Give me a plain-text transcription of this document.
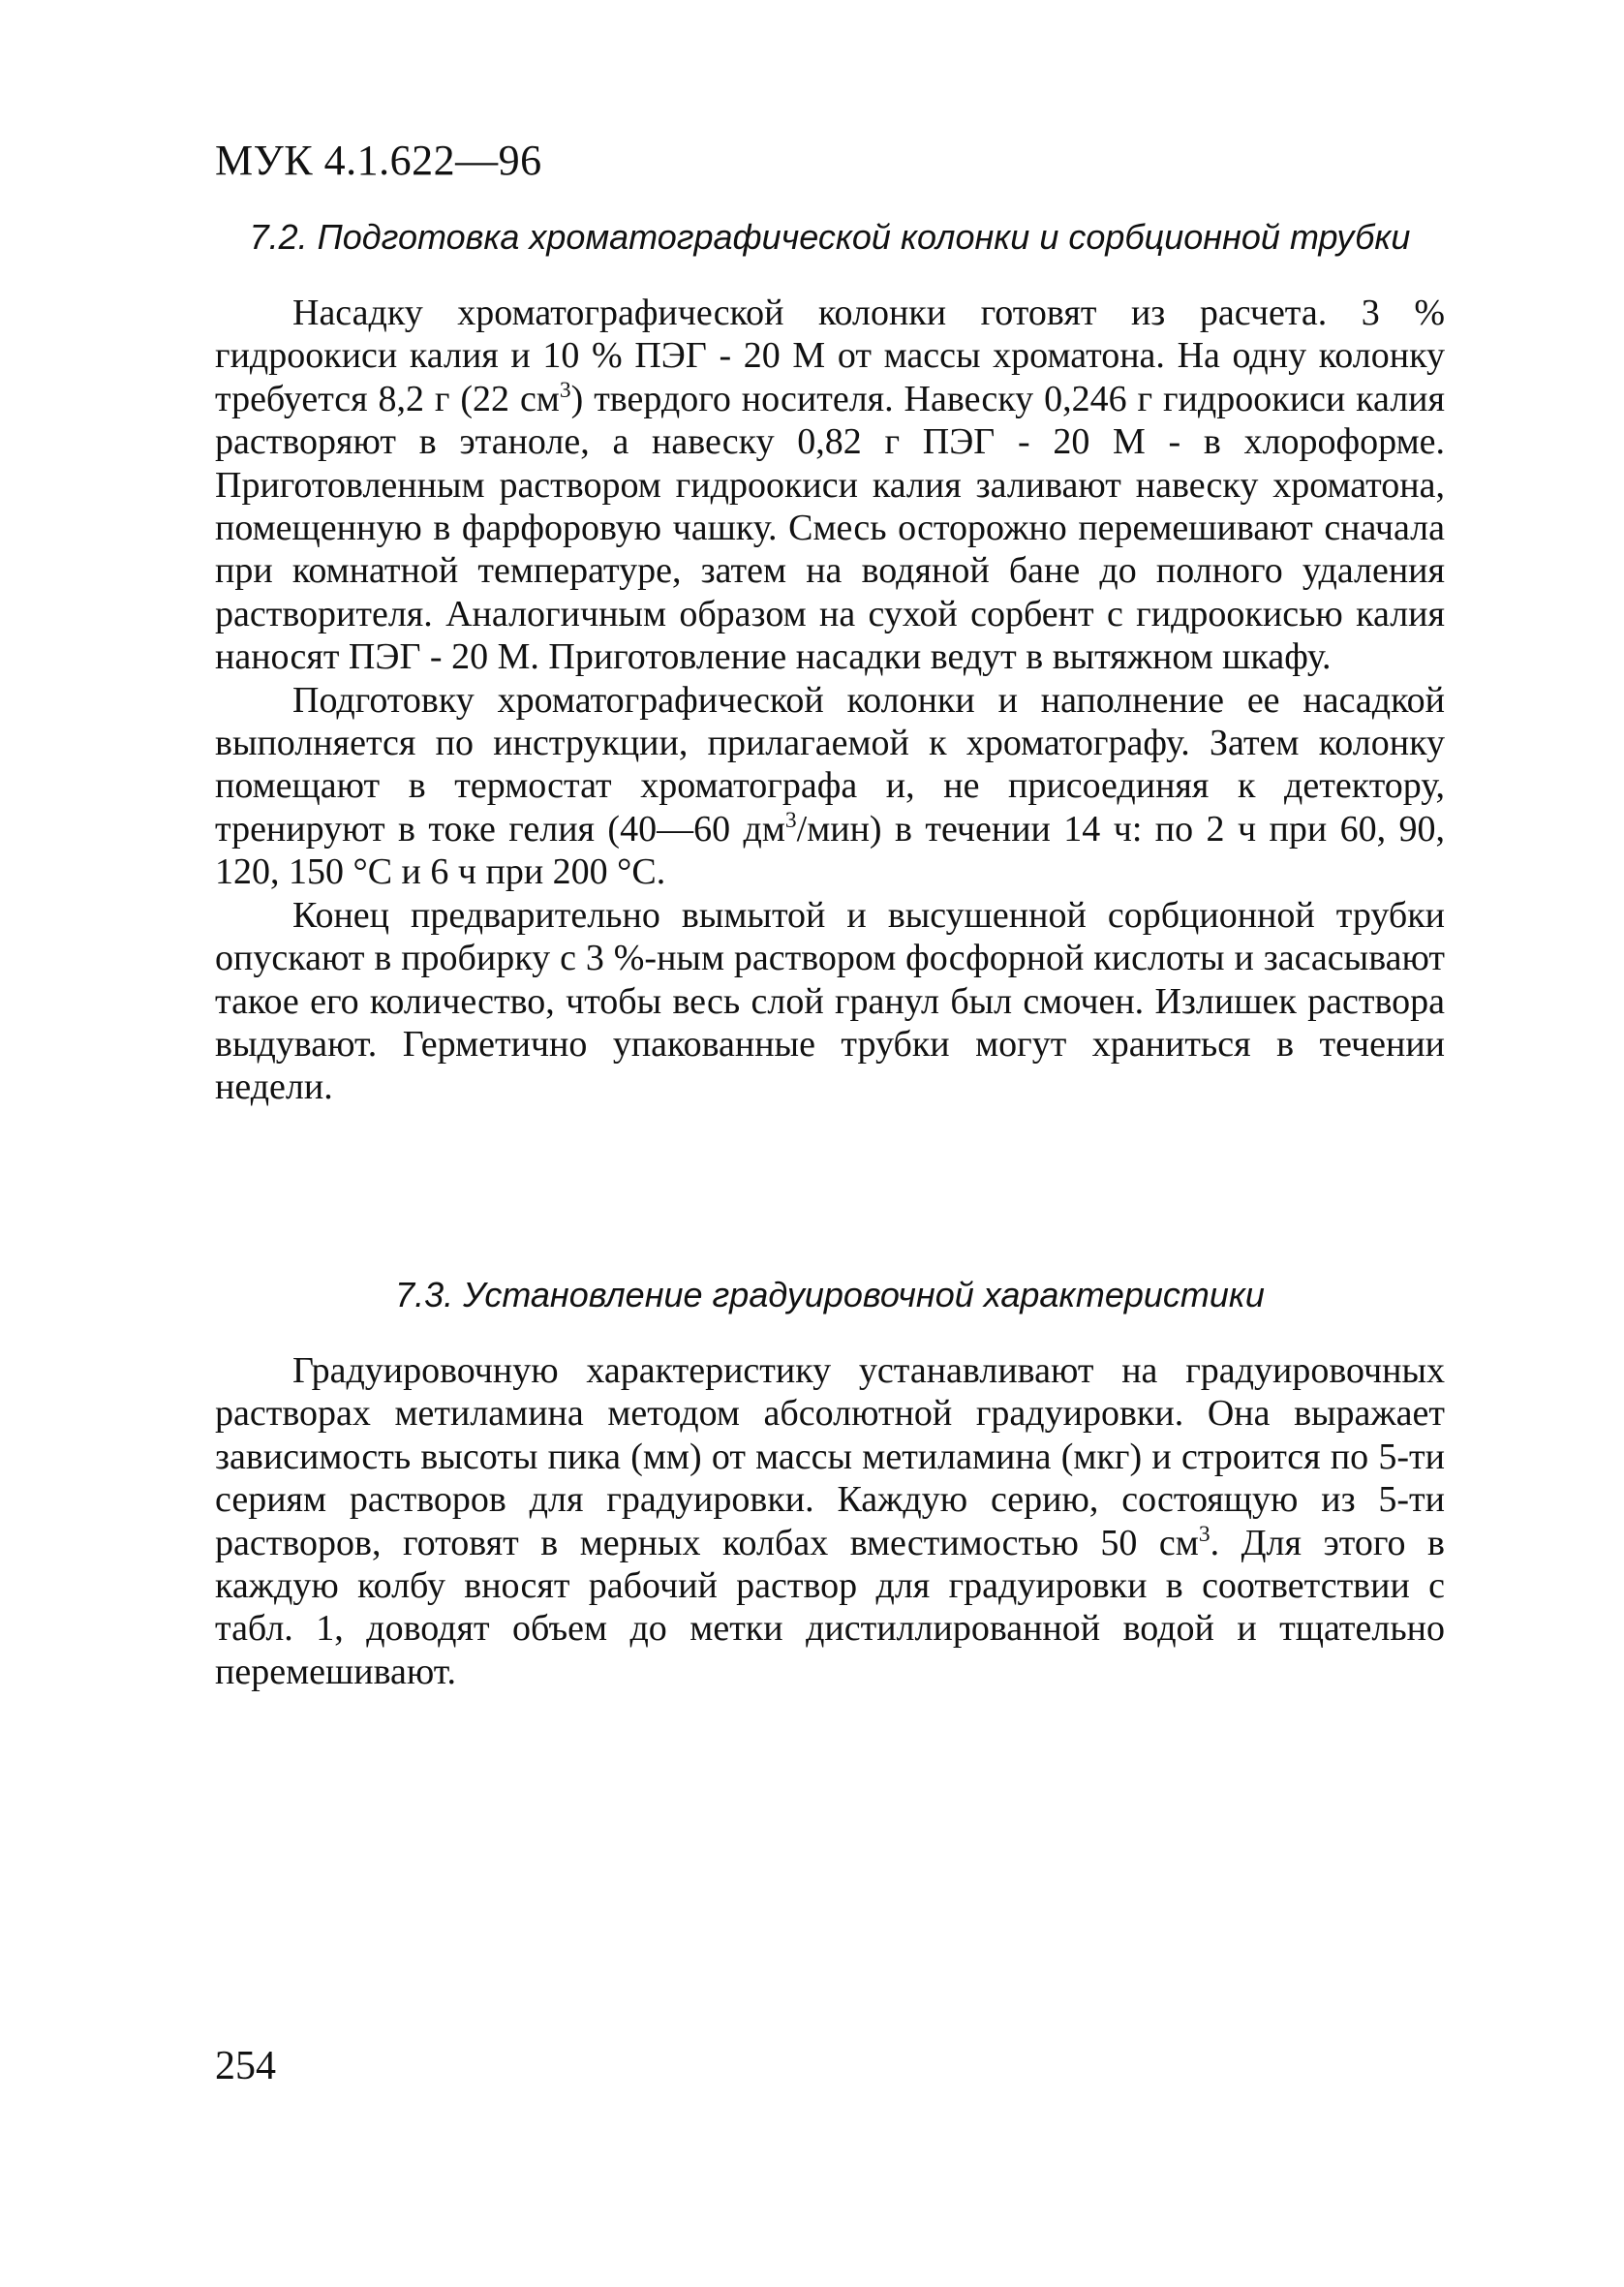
МУК 4.1.622—96
7.2. Подготовка хроматографической колонки и сорбционной трубки

Насадку хроматографической колонки готовят из расчета. 3 % гидроокиси калия и 10 % ПЭГ - 20 М от массы хроматона. На одну колонку требуется 8,2 г (22 $см^3$) твердого носителя. Навеску 0,246 г гидроокиси калия растворяют в этаноле, а навеску 0,82 г ПЭГ - 20 М - в хлороформе. Приготовленным раствором гидроокиси калия заливают навеску хроматона, помещенную в фарфоровую чашку. Смесь осторожно перемешивают сначала при комнатной температуре, затем на водяной бане до полного удаления растворителя. Аналогичным образом на сухой сорбент с гидроокисью калия наносят ПЭГ - 20 М. Приготовление насадки ведут в вытяжном шкафу.

Подготовку хроматографической колонки и наполнение ее насадкой выполняется по инструкции, прилагаемой к хроматографу. Затем колонку помещают в термостат хроматографа и, не присоединяя к детектору, тренируют в токе гелия (40—60 $дм^3/мин$) в течении 14 ч: по 2 ч при 60, 90, 120, 150 °С и 6 ч при 200 °С.

Конец предварительно вымытой и высушенной сорбционной трубки опускают в пробирку с 3 %-ным раствором фосфорной кислоты и засасывают такое его количество, чтобы весь слой гранул был смочен. Излишек раствора выдувают. Герметично упакованные трубки могут храниться в течении недели.

7.3. Установление градуировочной характеристики

Градуировочную характеристику устанавливают на градуировочных растворах метиламина методом абсолютной градуировки. Она выражает зависимость высоты пика (мм) от массы метиламина (мкг) и строится по 5-ти сериям растворов для градуировки. Каждую серию, состоящую из 5-ти растворов, готовят в мерных колбах вместимостью 50 $см^3$. Для этого в каждую колбу вносят рабочий раствор для градуировки в соответствии с табл. 1, доводят объем до метки дистиллированной водой и тщательно перемешивают.

254
